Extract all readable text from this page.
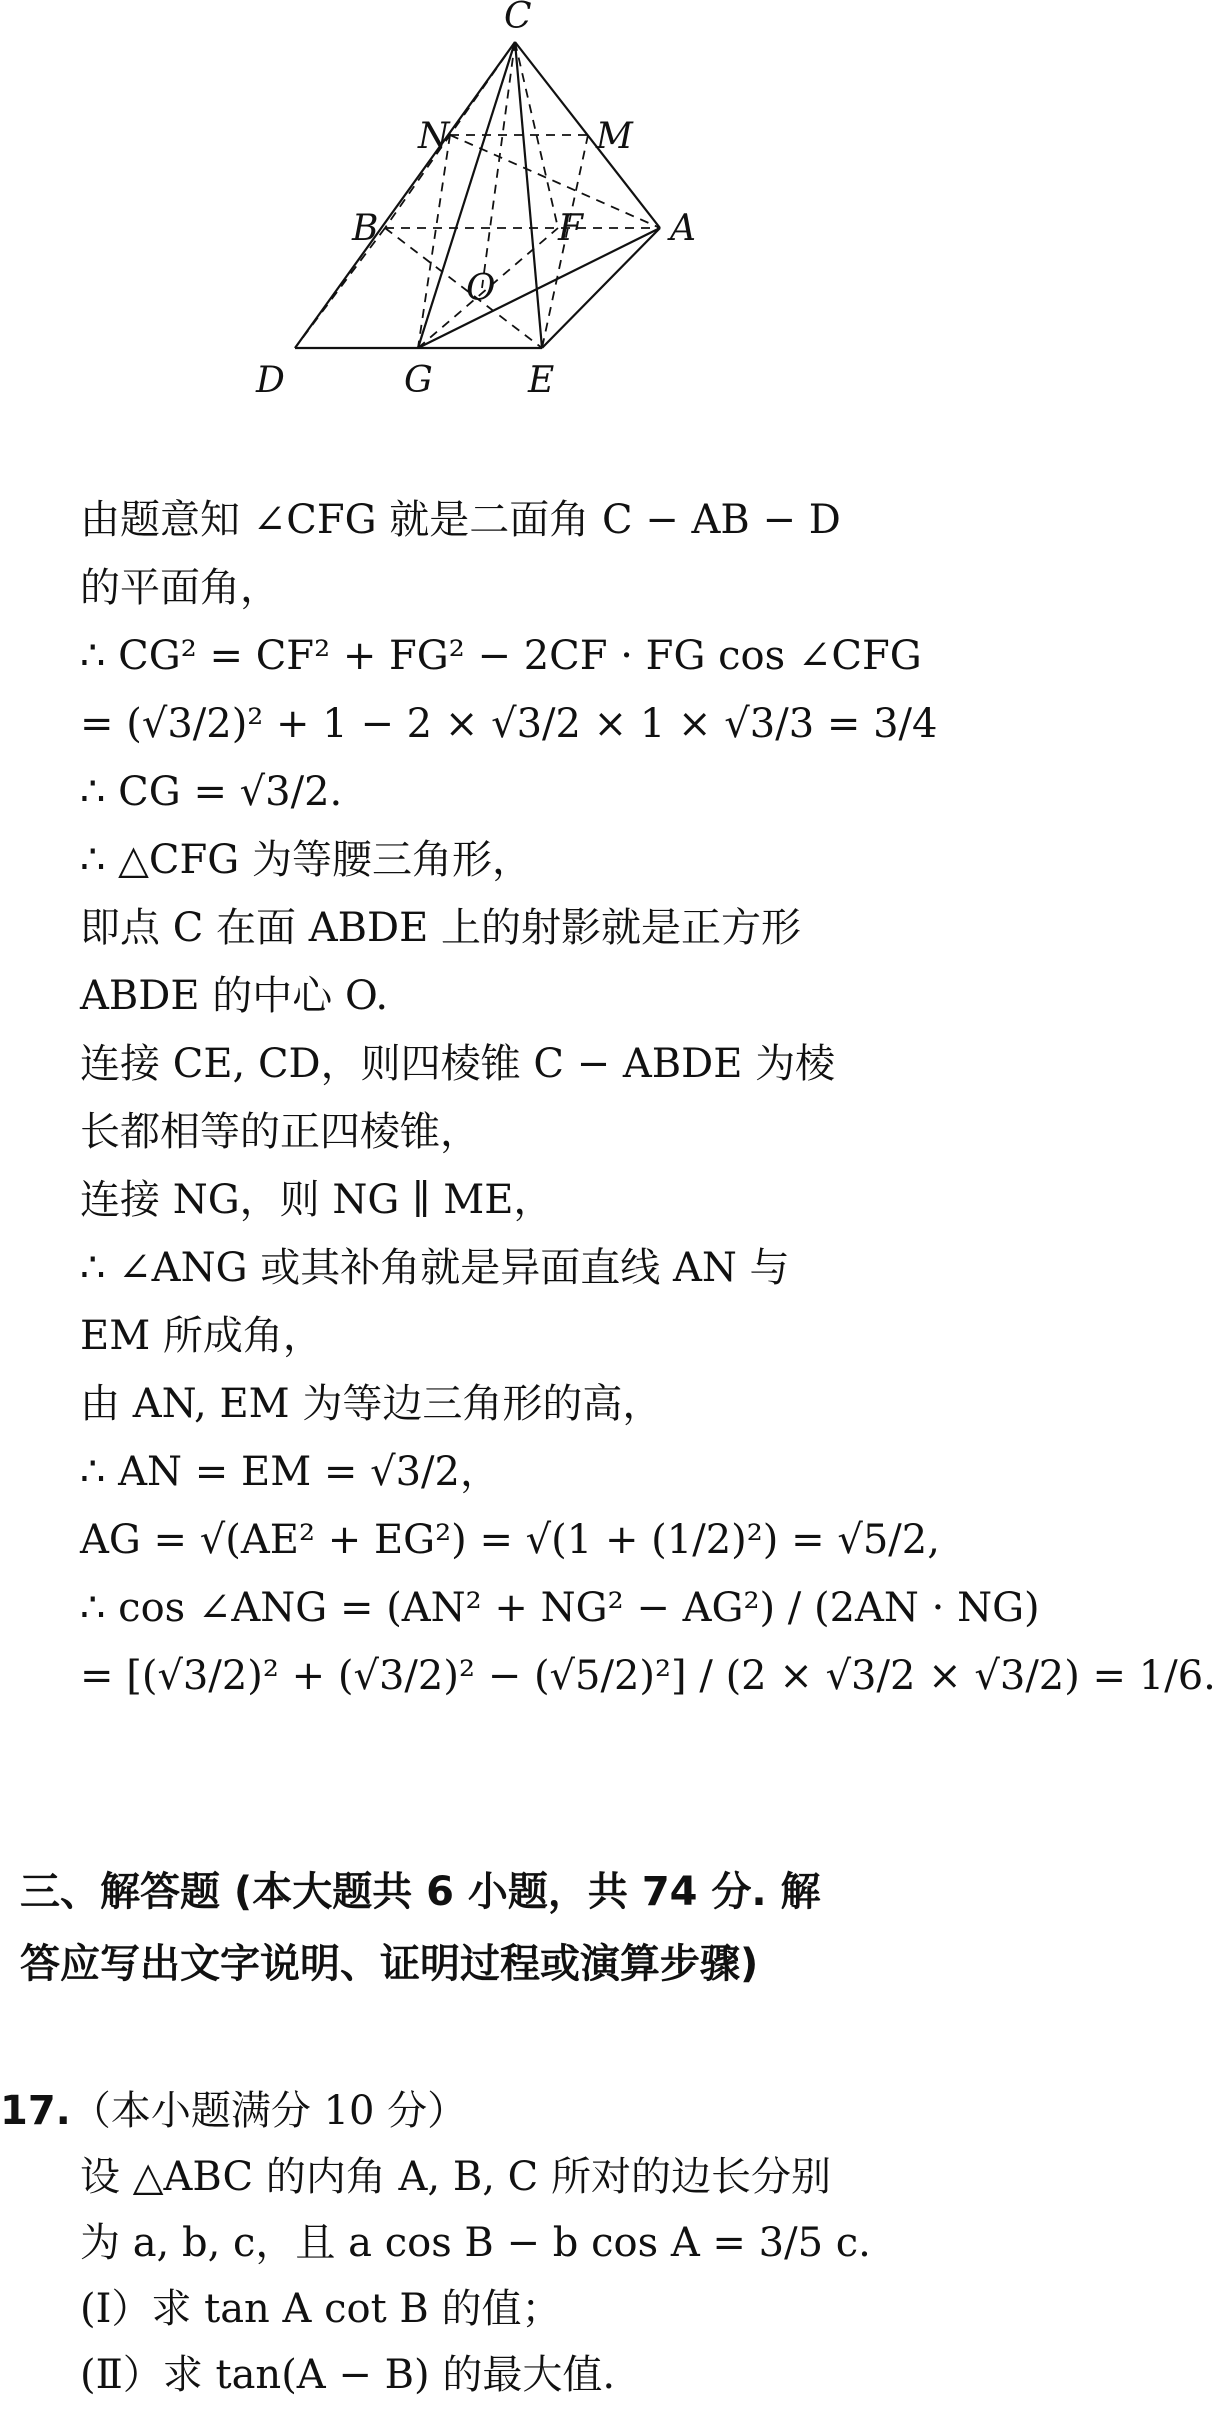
C
N	M
B	F A
O
D	G	E
由题意知 ∠CFG 就是二面角 C − AB − D
的平面角，
∴ CG² = CF² + FG² − 2CF · FG cos ∠CFG
= (√3/2)² + 1 − 2 × √3/2 × 1 × √3/3 = 3/4
∴ CG = √3/2.
∴ △CFG 为等腰三角形，
即点 C 在面 ABDE 上的射影就是正方形
ABDE 的中心 O.
连接 CE, CD，则四棱锥 C − ABDE 为棱
长都相等的正四棱锥，
连接 NG，则 NG ∥ ME，
∴ ∠ANG 或其补角就是异面直线 AN 与
EM 所成角，
由 AN, EM 为等边三角形的高，
∴ AN = EM = √3/2，
AG = √(AE² + EG²) = √(1 + (1/2)²) = √5/2,
∴ cos ∠ANG = (AN² + NG² − AG²) / (2AN · NG)
= [(√3/2)² + (√3/2)² − (√5/2)²] / (2 × √3/2 × √3/2) = 1/6.
三、解答题 (本大题共 6 小题，共 74 分. 解
答应写出文字说明、证明过程或演算步骤)
17.（本小题满分 10 分）
设 △ABC 的内角 A, B, C 所对的边长分别
为 a, b, c，且 a cos B − b cos A = 3/5 c.
(Ⅰ）求 tan A cot B 的值；
(Ⅱ）求 tan(A − B) 的最大值.
